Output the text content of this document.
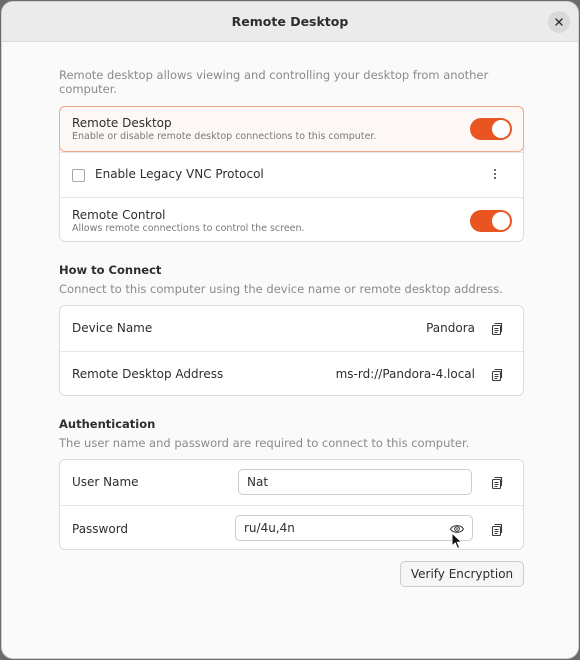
Remote Desktop
Remote desktop allows viewing and controlling your desktop from another computer.
Remote Desktop
Enable or disable remote desktop connections to this computer.
Enable Legacy VNC Protocol
Remote Control
Allows remote connections to control the screen.
How to Connect
Connect to this computer using the device name or remote desktop address.
Device Name	Pandora
Remote Desktop Address	ms-rd://Pandora-4.local
Authentication
The user name and password are required to connect to this computer.
User Name	Nat
Password	ru/4u,4n
Verify Encryption
